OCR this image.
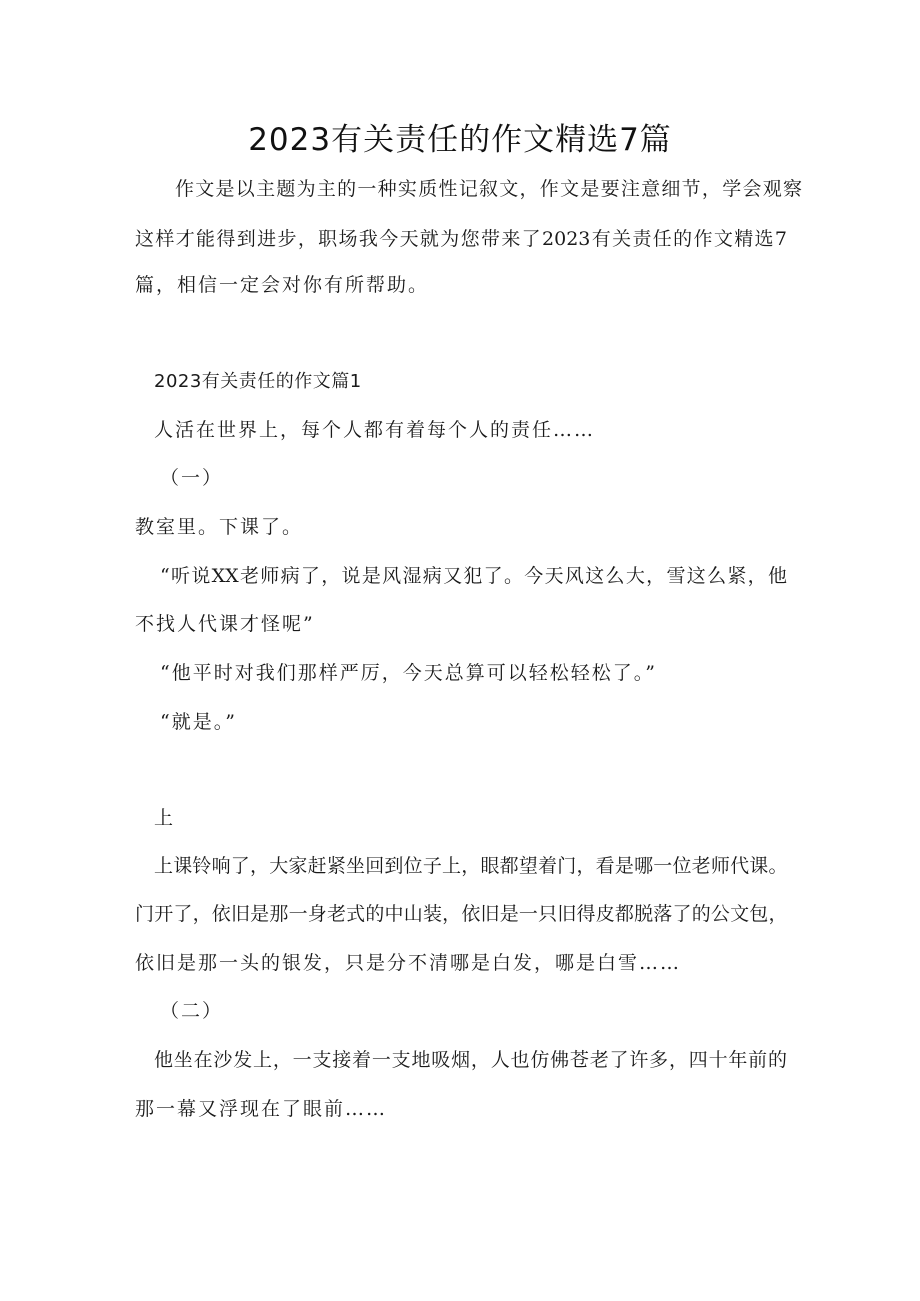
2023有关责任的作文精选7篇

作文是以主题为主的一种实质性记叙文，作文是要注意细节，学会观察

这样才能得到进步，职场我今天就为您带来了2023有关责任的作文精选7

篇，相信一定会对你有所帮助。

2023有关责任的作文篇1

人活在世界上，每个人都有着每个人的责任……

（一）

教室里。下课了。

“听说XX老师病了，说是风湿病又犯了。今天风这么大，雪这么紧，他

不找人代课才怪呢”

“他平时对我们那样严厉，今天总算可以轻松轻松了。”

“就是。”

上

上课铃响了，大家赶紧坐回到位子上，眼都望着门，看是哪一位老师代课。

门开了，依旧是那一身老式的中山装，依旧是一只旧得皮都脱落了的公文包，

依旧是那一头的银发，只是分不清哪是白发，哪是白雪……

（二）

他坐在沙发上，一支接着一支地吸烟，人也仿佛苍老了许多，四十年前的

那一幕又浮现在了眼前……
